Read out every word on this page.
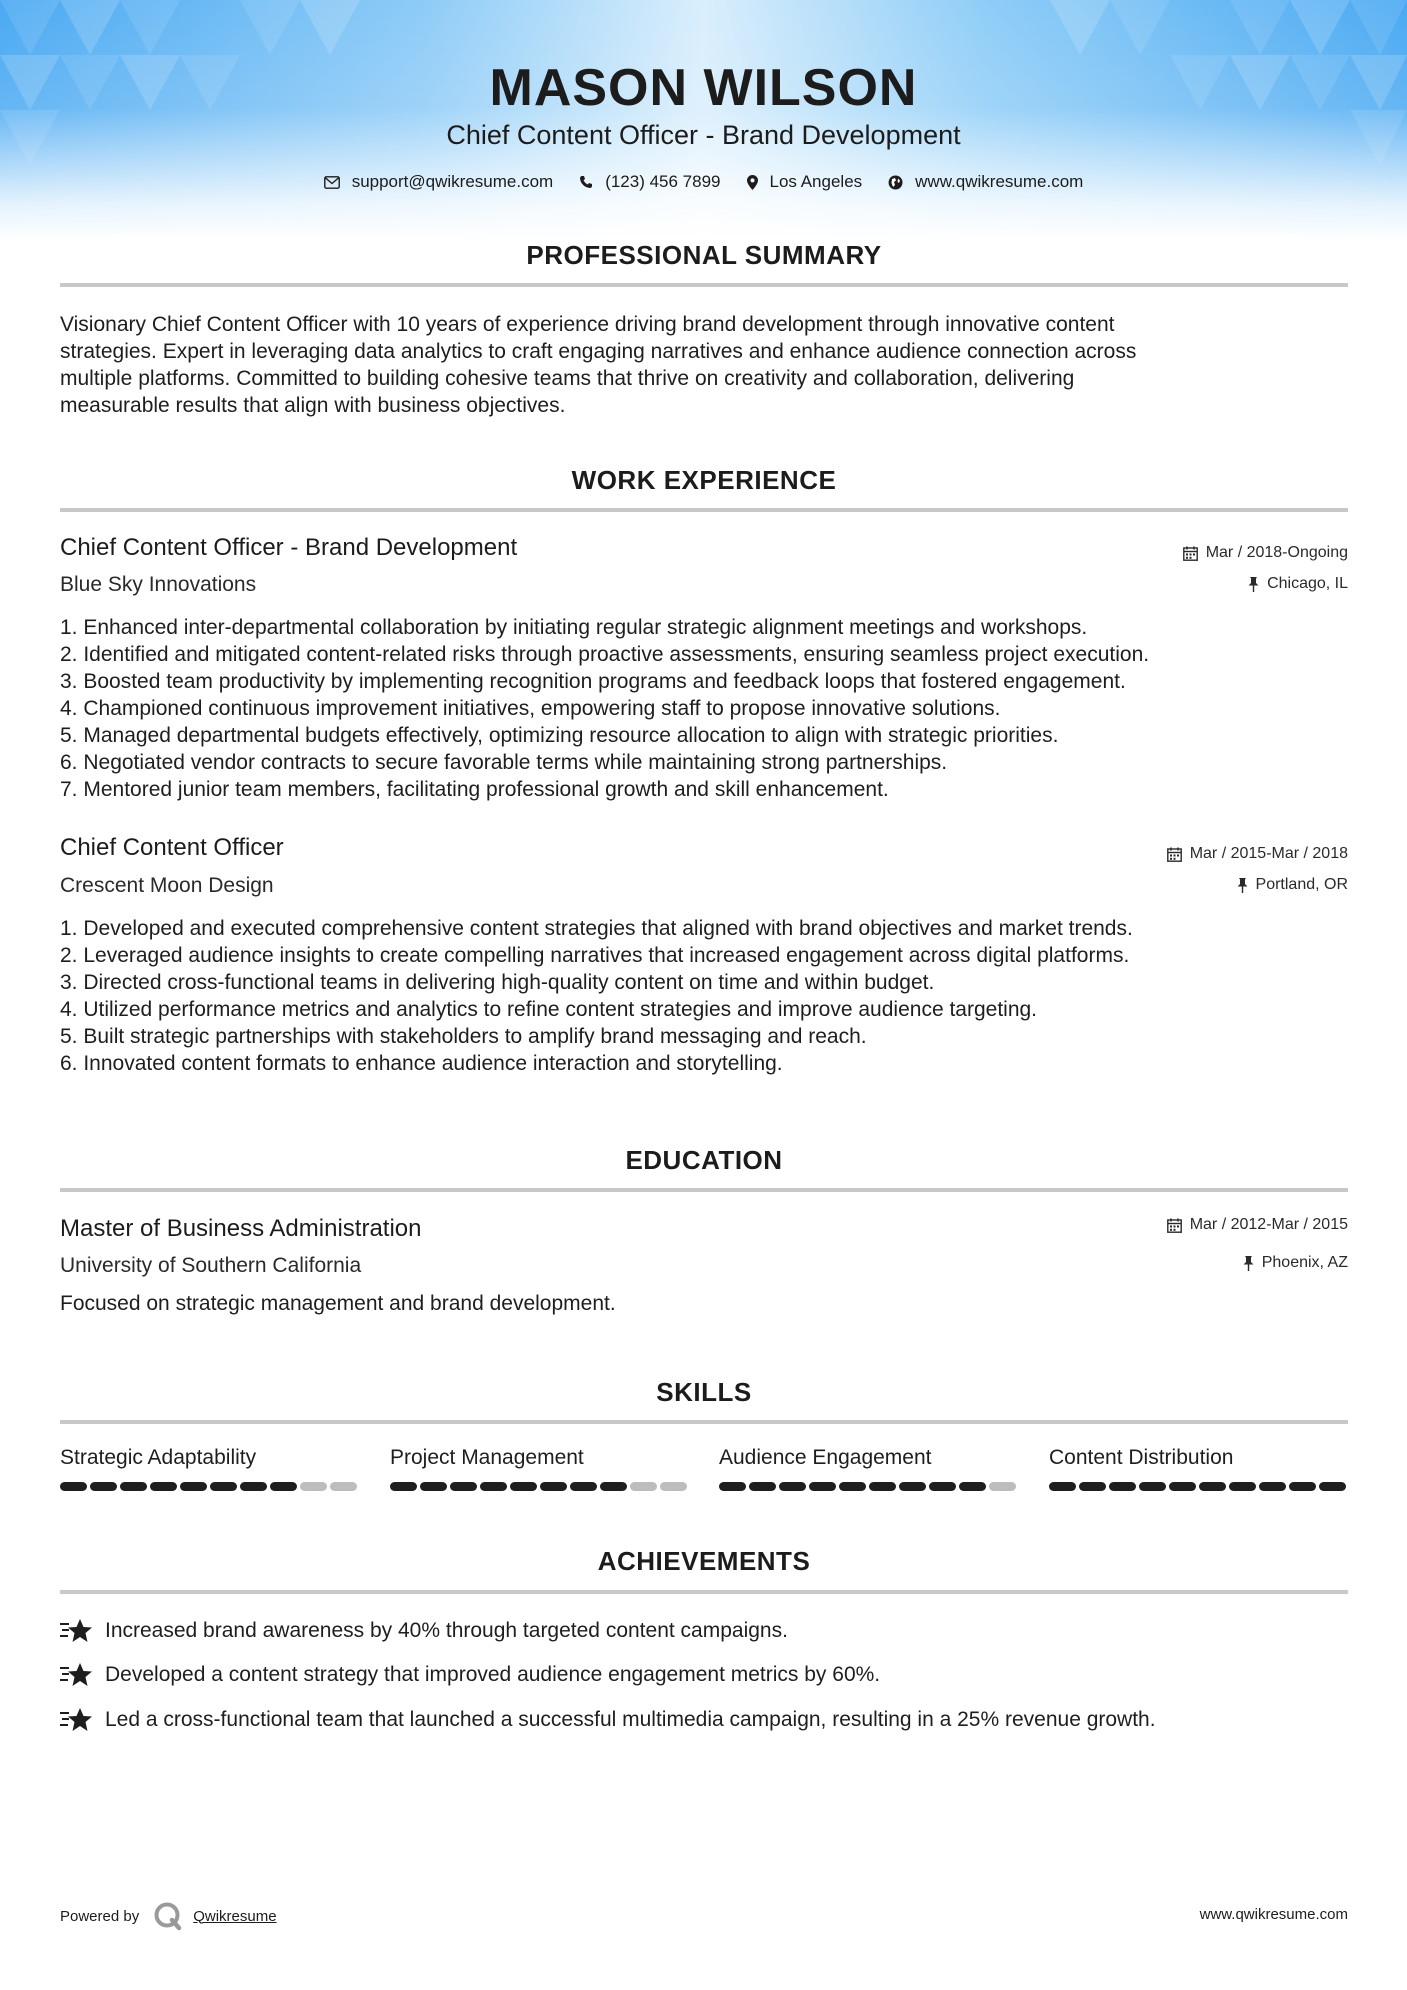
MASON WILSON
Chief Content Officer - Brand Development
support@qwikresume.com	(123) 456 7899	Los Angeles	www.qwikresume.com
PROFESSIONAL SUMMARY
Visionary Chief Content Officer with 10 years of experience driving brand development through innovative content
strategies. Expert in leveraging data analytics to craft engaging narratives and enhance audience connection across
multiple platforms. Committed to building cohesive teams that thrive on creativity and collaboration, delivering
measurable results that align with business objectives.
WORK EXPERIENCE
Chief Content Officer - Brand Development
Blue Sky Innovations
Mar / 2018-Ongoing
Chicago, IL
1. Enhanced inter-departmental collaboration by initiating regular strategic alignment meetings and workshops.
2. Identified and mitigated content-related risks through proactive assessments, ensuring seamless project execution.
3. Boosted team productivity by implementing recognition programs and feedback loops that fostered engagement.
4. Championed continuous improvement initiatives, empowering staff to propose innovative solutions.
5. Managed departmental budgets effectively, optimizing resource allocation to align with strategic priorities.
6. Negotiated vendor contracts to secure favorable terms while maintaining strong partnerships.
7. Mentored junior team members, facilitating professional growth and skill enhancement.
Chief Content Officer
Crescent Moon Design
Mar / 2015-Mar / 2018
Portland, OR
1. Developed and executed comprehensive content strategies that aligned with brand objectives and market trends.
2. Leveraged audience insights to create compelling narratives that increased engagement across digital platforms.
3. Directed cross-functional teams in delivering high-quality content on time and within budget.
4. Utilized performance metrics and analytics to refine content strategies and improve audience targeting.
5. Built strategic partnerships with stakeholders to amplify brand messaging and reach.
6. Innovated content formats to enhance audience interaction and storytelling.
EDUCATION
Master of Business Administration
University of Southern California
Mar / 2012-Mar / 2015
Phoenix, AZ
Focused on strategic management and brand development.
SKILLS
Strategic Adaptability	Project Management	Audience Engagement	Content Distribution
ACHIEVEMENTS
Increased brand awareness by 40% through targeted content campaigns.
Developed a content strategy that improved audience engagement metrics by 60%.
Led a cross-functional team that launched a successful multimedia campaign, resulting in a 25% revenue growth.
Powered by	Qwikresume	www.qwikresume.com
